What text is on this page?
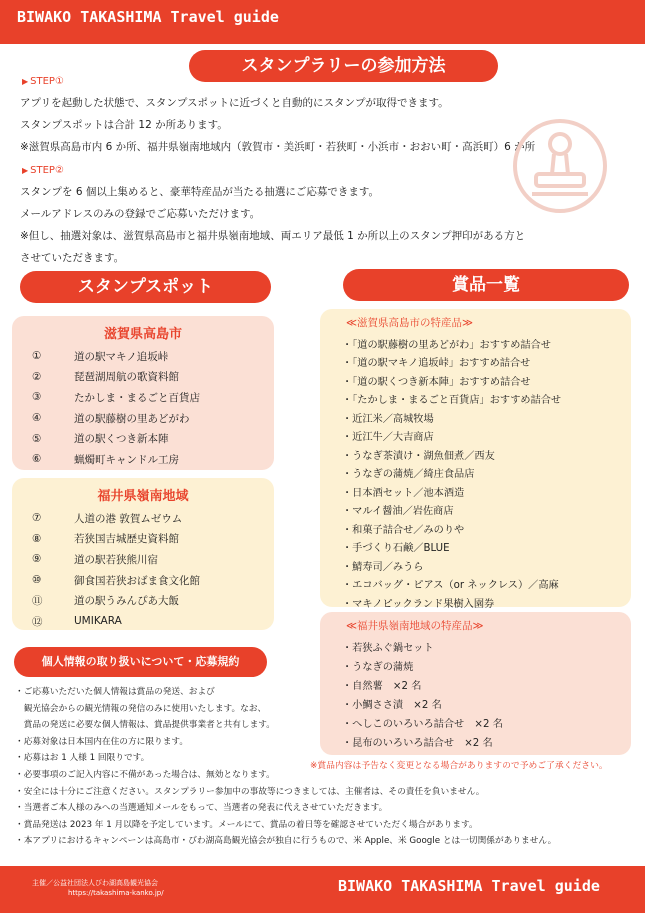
BIWAKO TAKASHIMA Travel guide
スタンプラリーの参加方法
▶ STEP①
アプリを起動した状態で、スタンプスポットに近づくと自動的にスタンプが取得できます。
スタンプスポットは合計 12 か所あります。
※滋賀県高島市内 6 か所、福井県嶺南地域内（敦賀市・美浜町・若狭町・小浜市・おおい町・高浜町）6 か所
▶ STEP②
スタンプを 6 個以上集めると、豪華特産品が当たる抽選にご応募できます。
メールアドレスのみの登録でご応募いただけます。
※但し、抽選対象は、滋賀県高島市と福井県嶺南地域、両エリア最低 1 か所以上のスタンプ押印がある方と
させていただきます。
スタンプスポット	賞品一覧
滋賀県高島市
①	道の駅マキノ追坂峠
②	琵琶湖周航の歌資料館
③	たかしま・まるごと百貨店
④	道の駅藤樹の里あどがわ
⑤	道の駅くつき新本陣
⑥	蝋燭町キャンドル工房
福井県嶺南地域
⑦	人道の港 敦賀ムゼウム
⑧	若狭国吉城歴史資料館
⑨	道の駅若狭熊川宿
⑩	御食国若狭おばま食文化館
⑪	道の駅うみんぴあ大飯
⑫	UMIKARA
≪滋賀県高島市の特産品≫
・「道の駅藤樹の里あどがわ」おすすめ詰合せ
・「道の駅マキノ追坂峠」おすすめ詰合せ
・「道の駅くつき新本陣」おすすめ詰合せ
・「たかしま・まるごと百貨店」おすすめ詰合せ
・近江米／高城牧場
・近江牛／大吉商店
・うなぎ茶漬け・湖魚佃煮／西友
・うなぎの蒲焼／綺庄食品店
・日本酒セット／池本酒造
・マルイ醤油／岩佐商店
・和菓子詰合せ／みのりや
・手づくり石鹸／BLUE
・鯖寿司／みうら
・エコバッグ・ピアス（or ネックレス）／高麻
・マキノピックランド果樹入園券
≪福井県嶺南地域の特産品≫
・若狭ふぐ鍋セット
・うなぎの蒲焼
・自然薯　×2 名
・小鯛ささ漬　×2 名
・へしこのいろいろ詰合せ　×2 名
・昆布のいろいろ詰合せ　×2 名
個人情報の取り扱いについて・応募規約
※賞品内容は予告なく変更となる場合がありますので予めご了承ください。
・ご応募いただいた個人情報は賞品の発送、および
　観光協会からの観光情報の発信のみに使用いたします。なお、
　賞品の発送に必要な個人情報は、賞品提供事業者と共有します。
・応募対象は日本国内在住の方に限ります。
・応募はお 1 人様 1 回限りです。
・必要事項のご記入内容に不備があった場合は、無効となります。
・安全には十分にご注意ください。スタンプラリー参加中の事故等につきましては、主催者は、その責任を負いません。
・当選者ご本人様のみへの当選通知メールをもって、当選者の発表に代えさせていただきます。
・賞品発送は 2023 年 1 月以降を予定しています。メールにて、賞品の着日等を確認させていただく場合があります。
・本アプリにおけるキャンペーンは高島市・びわ湖高島観光協会が独自に行うもので、米 Apple、米 Google とは一切関係がありません。
主催／公益社団法人びわ湖高島観光協会
https://takashima-kanko.jp/	BIWAKO TAKASHIMA Travel guide
